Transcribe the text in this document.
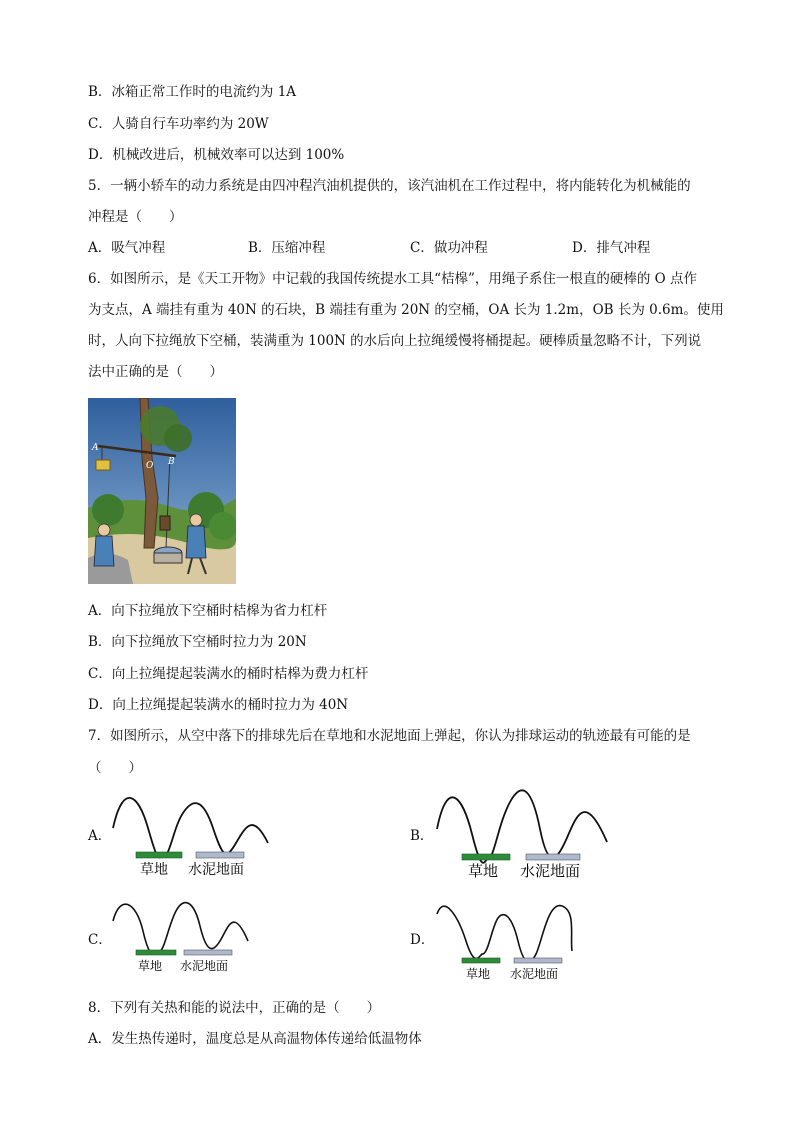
B．冰箱正常工作时的电流约为 1A
C．人骑自行车功率约为 20W
D．机械改进后，机械效率可以达到 100%
5．一辆小轿车的动力系统是由四冲程汽油机提供的，该汽油机在工作过程中，将内能转化为机械能的
冲程是（　　）
A．吸气冲程	B．压缩冲程	C．做功冲程	D．排气冲程
6．如图所示，是《天工开物》中记载的我国传统提水工具“桔槔”，用绳子系住一根直的硬棒的 O 点作
为支点，A 端挂有重为 40N 的石块，B 端挂有重为 20N 的空桶，OA 长为 1.2m，OB 长为 0.6m。使用
时，人向下拉绳放下空桶，装满重为 100N 的水后向上拉绳缓慢将桶提起。硬棒质量忽略不计，下列说
法中正确的是（　　）
A
O B
A．向下拉绳放下空桶时桔槔为省力杠杆
B．向下拉绳放下空桶时拉力为 20N
C．向上拉绳提起装满水的桶时桔槔为费力杠杆
D．向上拉绳提起装满水的桶时拉力为 40N
7．如图所示，从空中落下的排球先后在草地和水泥地面上弹起，你认为排球运动的轨迹最有可能的是
（　　）
A．
草地 水泥地面
B．
草地 水泥地面
C．
草地 水泥地面
D．
草地 水泥地面
8．下列有关热和能的说法中，正确的是（　　）
A．发生热传递时，温度总是从高温物体传递给低温物体
